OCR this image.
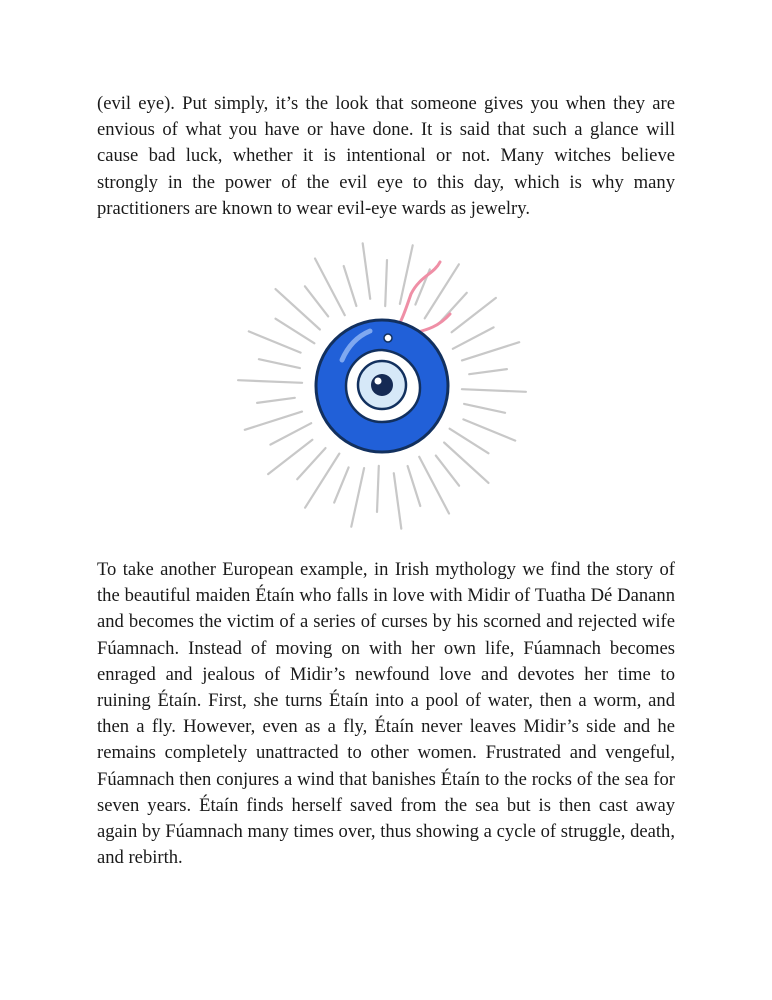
(evil eye). Put simply, it’s the look that someone gives you when they are envious of what you have or have done. It is said that such a glance will cause bad luck, whether it is intentional or not. Many witches believe strongly in the power of the evil eye to this day, which is why many practitioners are known to wear evil-eye wards as jewelry.

To take another European example, in Irish mythology we find the story of the beautiful maiden Étaín who falls in love with Midir of Tuatha Dé Danann and becomes the victim of a series of curses by his scorned and rejected wife Fúamnach. Instead of moving on with her own life, Fúamnach becomes enraged and jealous of Midir’s newfound love and devotes her time to ruining Étaín. First, she turns Étaín into a pool of water, then a worm, and then a fly. However, even as a fly, Étaín never leaves Midir’s side and he remains completely unattracted to other women. Frustrated and vengeful, Fúamnach then conjures a wind that banishes Étaín to the rocks of the sea for seven years. Étaín finds herself saved from the sea but is then cast away again by Fúamnach many times over, thus showing a cycle of struggle, death, and rebirth.
